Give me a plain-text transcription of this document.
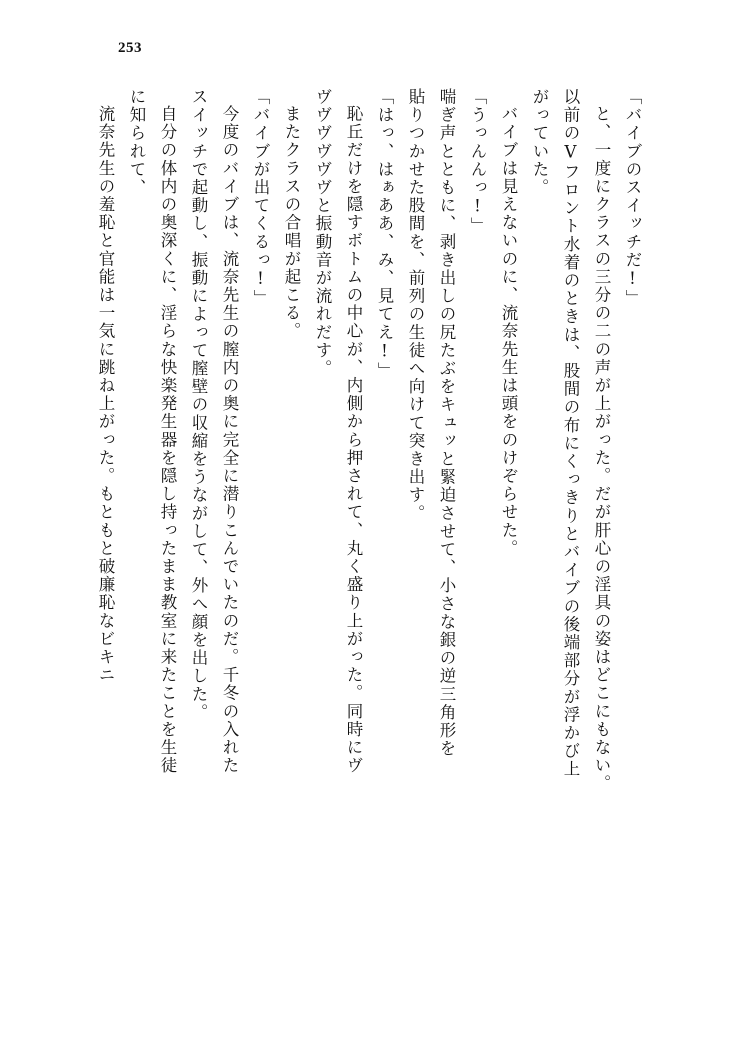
253
「バイブのスイッチだ!」
と、一度にクラスの三分の二の声が上がった。だが肝心の淫具の姿はどこにもない。
以前のVフロント水着のときは、股間の布にくっきりとバイブの後端部分が浮かび上
がっていた。
バイブは見えないのに、流奈先生は頭をのけぞらせた。
「うっんんっ!」
喘ぎ声とともに、剥き出しの尻たぶをキュッと緊迫させて、小さな銀の逆三角形を
貼りつかせた股間を、前列の生徒へ向けて突き出す。
「はっ、はぁああ、み、見てえ!」
恥丘だけを隠すボトムの中心が、内側から押されて、丸く盛り上がった。同時にヴ
ヴヴヴヴヴヴと振動音が流れだす。
またクラスの合唱が起こる。
「バイブが出てくるっ!」
今度のバイブは、流奈先生の膣内の奥に完全に潜りこんでいたのだ。千冬の入れた
スイッチで起動し、振動によって膣壁の収縮をうながして、外へ顔を出した。
自分の体内の奥深くに、淫らな快楽発生器を隠し持ったまま教室に来たことを生徒
に知られて、
流奈先生の羞恥と官能は一気に跳ね上がった。もともと破廉恥なビキニ
